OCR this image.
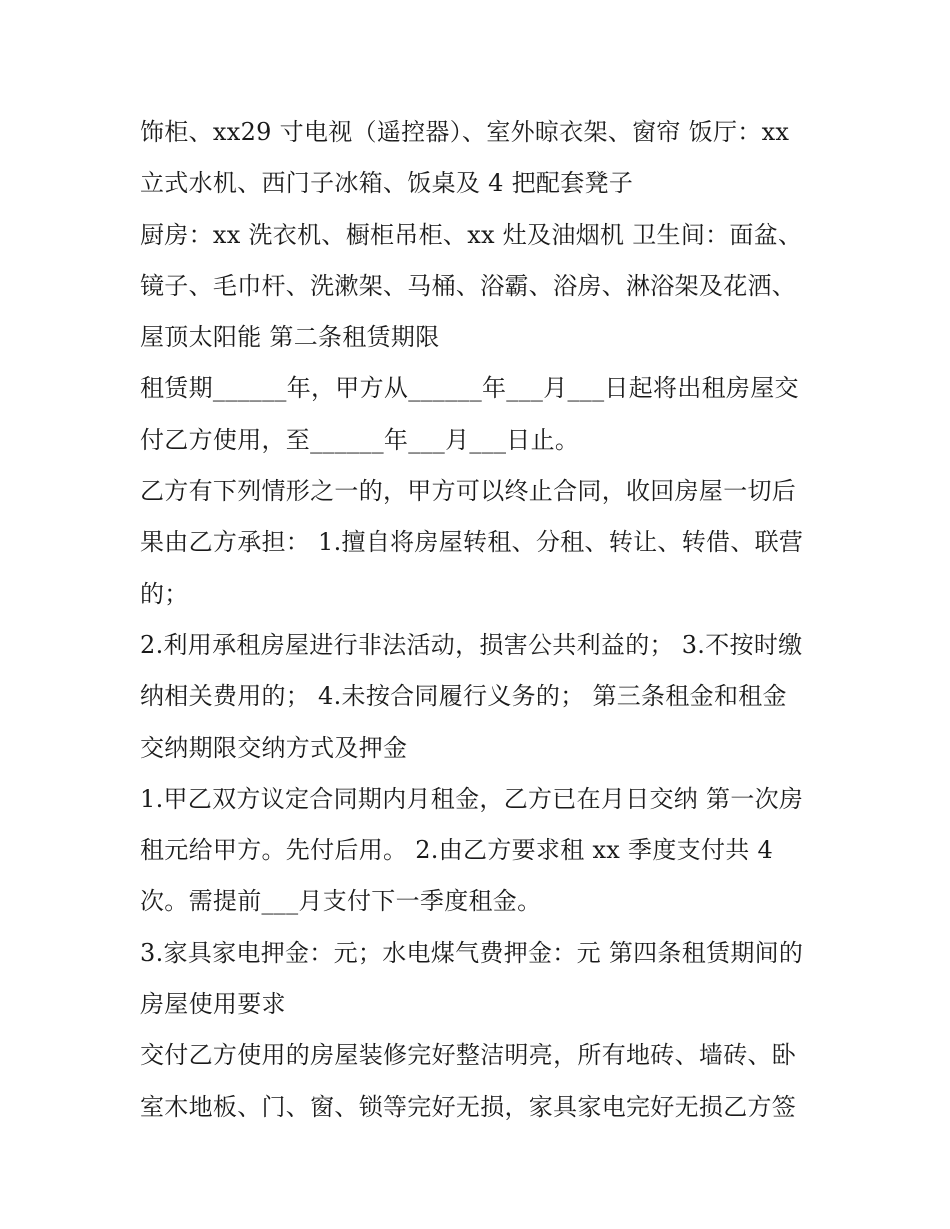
饰柜、xx29 寸电视（遥控器）、室外晾衣架、窗帘 饭厅：xx
立式水机、西门子冰箱、饭桌及 4 把配套凳子
厨房：xx 洗衣机、橱柜吊柜、xx 灶及油烟机 卫生间：面盆、
镜子、毛巾杆、洗漱架、马桶、浴霸、浴房、淋浴架及花洒、
屋顶太阳能 第二条租赁期限
租赁期______年，甲方从______年___月___日起将出租房屋交
付乙方使用，至______年___月___日止。
乙方有下列情形之一的，甲方可以终止合同，收回房屋一切后
果由乙方承担： 1.擅自将房屋转租、分租、转让、转借、联营
的；
2.利用承租房屋进行非法活动，损害公共利益的； 3.不按时缴
纳相关费用的； 4.未按合同履行义务的； 第三条租金和租金
交纳期限交纳方式及押金
1.甲乙双方议定合同期内月租金，乙方已在月日交纳 第一次房
租元给甲方。先付后用。 2.由乙方要求租 xx 季度支付共 4
次。需提前___月支付下一季度租金。
3.家具家电押金：元；水电煤气费押金：元 第四条租赁期间的
房屋使用要求
交付乙方使用的房屋装修完好整洁明亮，所有地砖、墙砖、卧
室木地板、门、窗、锁等完好无损，家具家电完好无损乙方签
